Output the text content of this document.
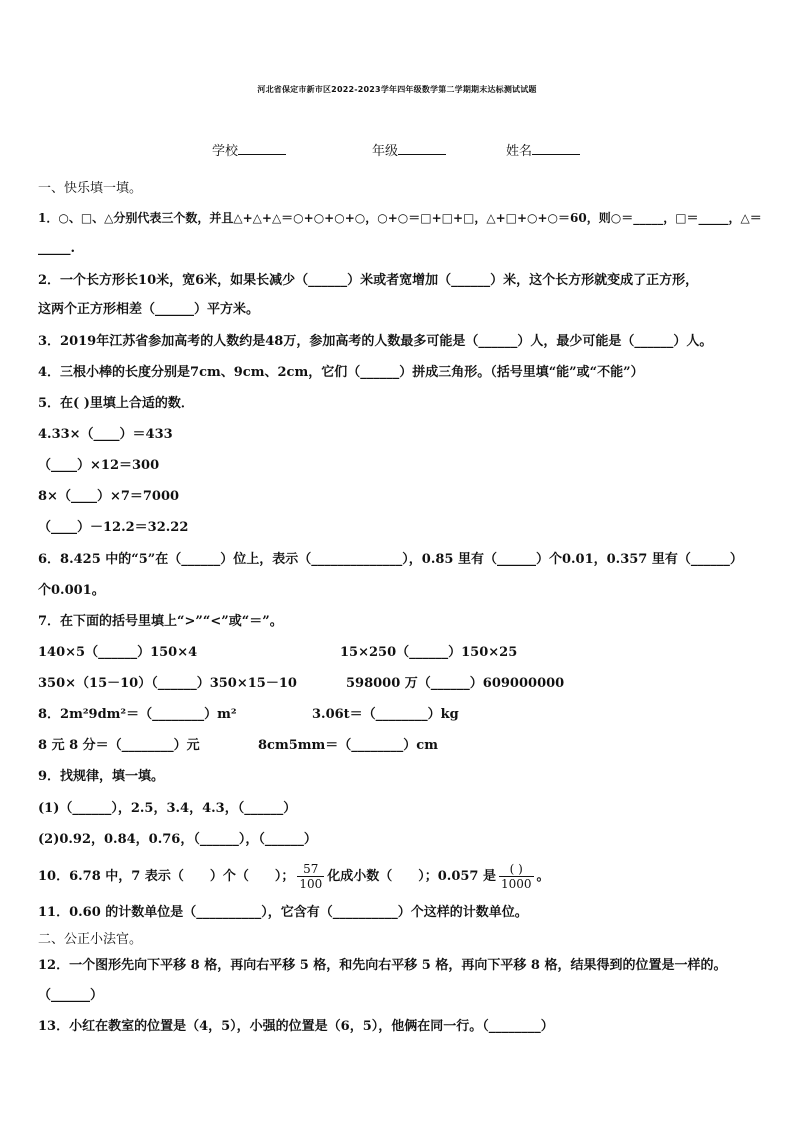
河北省保定市新市区2022-2023学年四年级数学第二学期期末达标测试试题
学校	年级	姓名
一、快乐填一填。
1．○、□、△分别代表三个数，并且△+△+△＝○+○+○+○，○+○＝□+□+□，△+□+○+○＝60，则○＝_____，□＝_____，△＝
_____.
2．一个长方形长10米，宽6米，如果长减少（______）米或者宽增加（______）米，这个长方形就变成了正方形，
这两个正方形相差（______）平方米。
3．2019年江苏省参加高考的人数约是48万，参加高考的人数最多可能是（______）人，最少可能是（______）人。
4．三根小棒的长度分别是7cm、9cm、2cm，它们（______）拼成三角形。（括号里填“能”或“不能”）
5．在( )里填上合适的数．
4.33×（____）＝433
（____）×12＝300
8×（____）×7＝7000
（____）－12.2＝32.22
6．8.425 中的“5”在（______）位上，表示（______________），0.85 里有（______）个0.01，0.357 里有（______）
个0.001。
7．在下面的括号里填上“>”“<”或“＝”。
140×5（______）150×4	15×250（______）150×25
350×（15－10）（______）350×15－10	598000 万（______）609000000
8．2m²9dm²＝（________）m²	3.06t＝（________）kg
8 元 8 分＝（________）元	8cm5mm＝（________）cm
9．找规律，填一填。
(1)（______），2.5，3.4，4.3，（______）
(2)0.92，0.84，0.76，（______），（______）
10．6.78 中，7 表示（　　）个（　　）； $\frac{57}{100}$ 化成小数（　　）；0.057 是 $\frac{( )}{1000}$ 。
11．0.60 的计数单位是（__________），它含有（__________）个这样的计数单位。
二、公正小法官。
12．一个图形先向下平移 8 格，再向右平移 5 格，和先向右平移 5 格，再向下平移 8 格，结果得到的位置是一样的。
（______）
13．小红在教室的位置是（4，5），小强的位置是（6，5），他俩在同一行。（________）
